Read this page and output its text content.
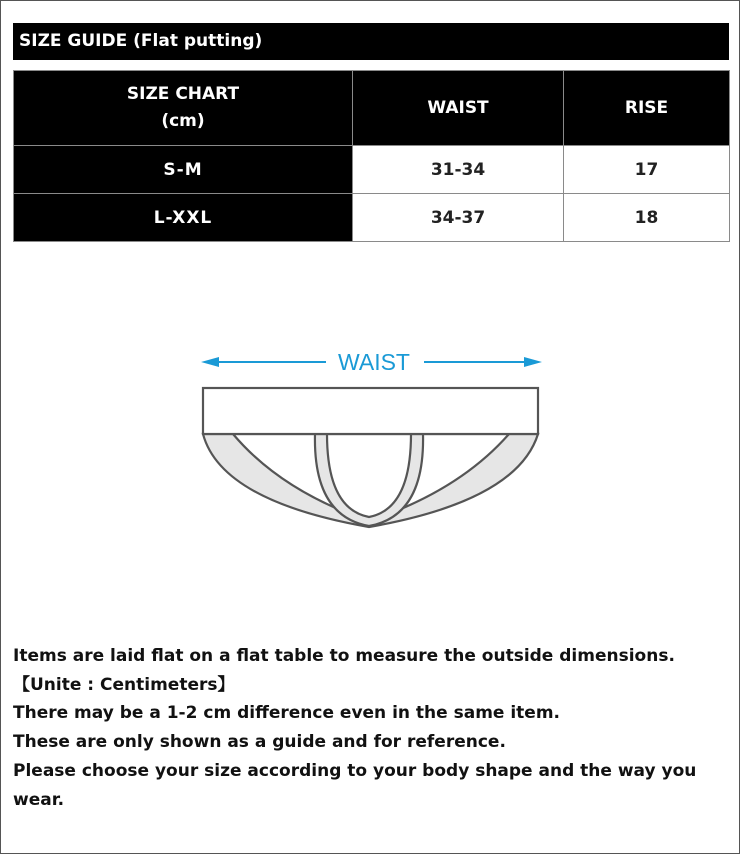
SIZE GUIDE (Flat putting)
SIZE CHART
(cm)	WAIST	RISE
S-M	31-34	17
L-XXL	34-37	18
WAIST

Items are laid flat on a flat table to measure the outside dimensions.

【Unite : Centimeters】

There may be a 1-2 cm difference even in the same item.

These are only shown as a guide and for reference.

Please choose your size according to your body shape and the way you wear.
